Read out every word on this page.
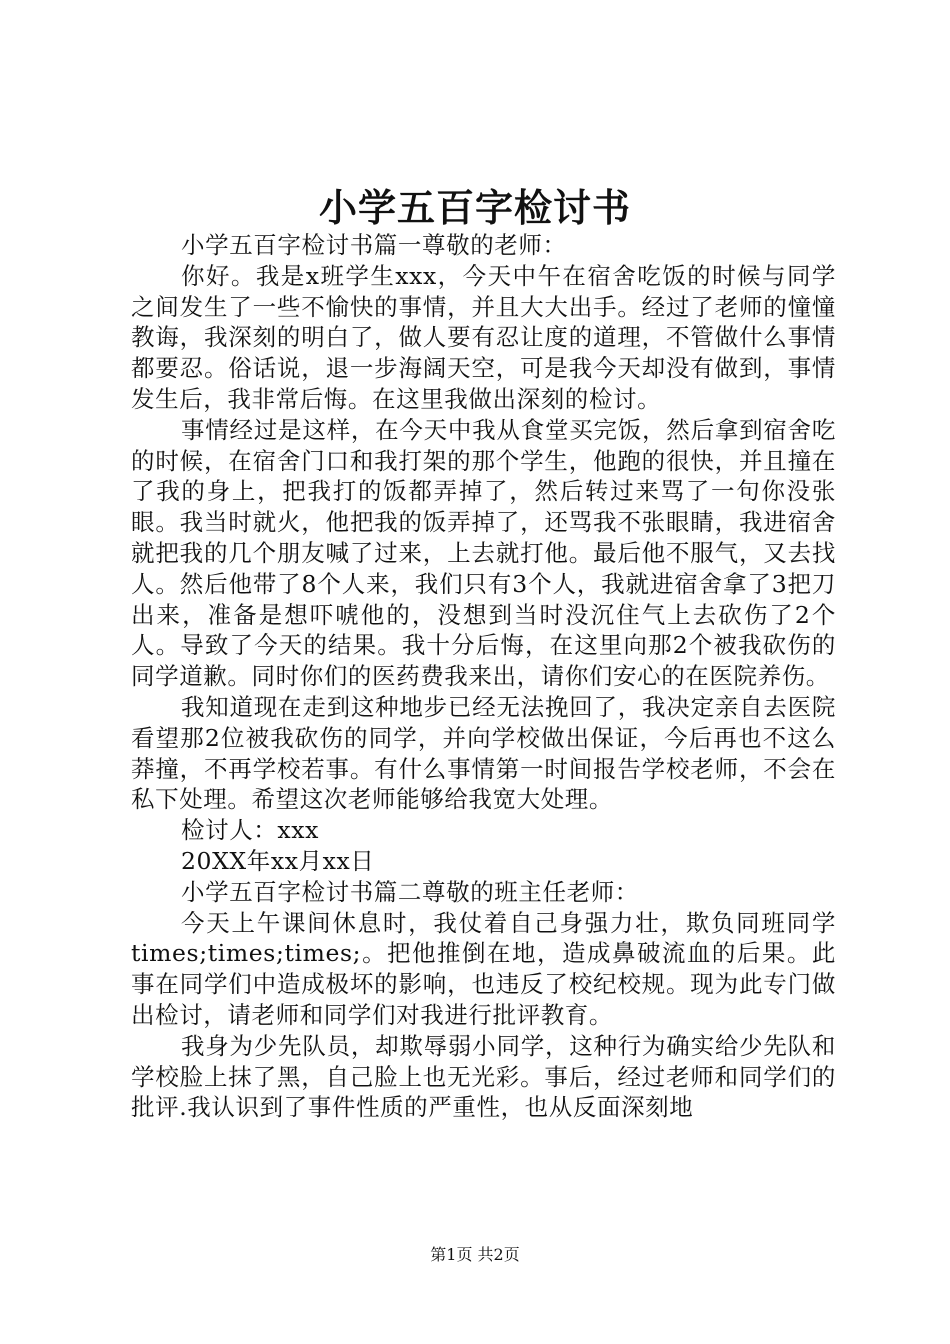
小学五百字检讨书

小学五百字检讨书篇一尊敬的老师：

你好。我是x班学生xxx，今天中午在宿舍吃饭的时候与同学之间发生了一些不愉快的事情，并且大大出手。经过了老师的憧憧教诲，我深刻的明白了，做人要有忍让度的道理，不管做什么事情都要忍。俗话说，退一步海阔天空，可是我今天却没有做到，事情发生后，我非常后悔。在这里我做出深刻的检讨。

事情经过是这样，在今天中我从食堂买完饭，然后拿到宿舍吃的时候，在宿舍门口和我打架的那个学生，他跑的很快，并且撞在了我的身上，把我打的饭都弄掉了，然后转过来骂了一句你没张眼。我当时就火，他把我的饭弄掉了，还骂我不张眼睛，我进宿舍就把我的几个朋友喊了过来，上去就打他。最后他不服气，又去找人。然后他带了8个人来，我们只有3个人，我就进宿舍拿了3把刀出来，准备是想吓唬他的，没想到当时没沉住气上去砍伤了2个人。导致了今天的结果。我十分后悔，在这里向那2个被我砍伤的同学道歉。同时你们的医药费我来出，请你们安心的在医院养伤。

我知道现在走到这种地步已经无法挽回了，我决定亲自去医院看望那2位被我砍伤的同学，并向学校做出保证，今后再也不这么莽撞，不再学校若事。有什么事情第一时间报告学校老师，不会在私下处理。希望这次老师能够给我宽大处理。

检讨人：xxx

20XX年xx月xx日

小学五百字检讨书篇二尊敬的班主任老师：

今天上午课间休息时，我仗着自己身强力壮，欺负同班同学times;times;times;。把他推倒在地，造成鼻破流血的后果。此事在同学们中造成极坏的影响，也违反了校纪校规。现为此专门做出检讨，请老师和同学们对我进行批评教育。

我身为少先队员，却欺辱弱小同学，这种行为确实给少先队和学校脸上抹了黑，自己脸上也无光彩。事后，经过老师和同学们的批评.我认识到了事件性质的严重性，也从反面深刻地

第1页 共2页
